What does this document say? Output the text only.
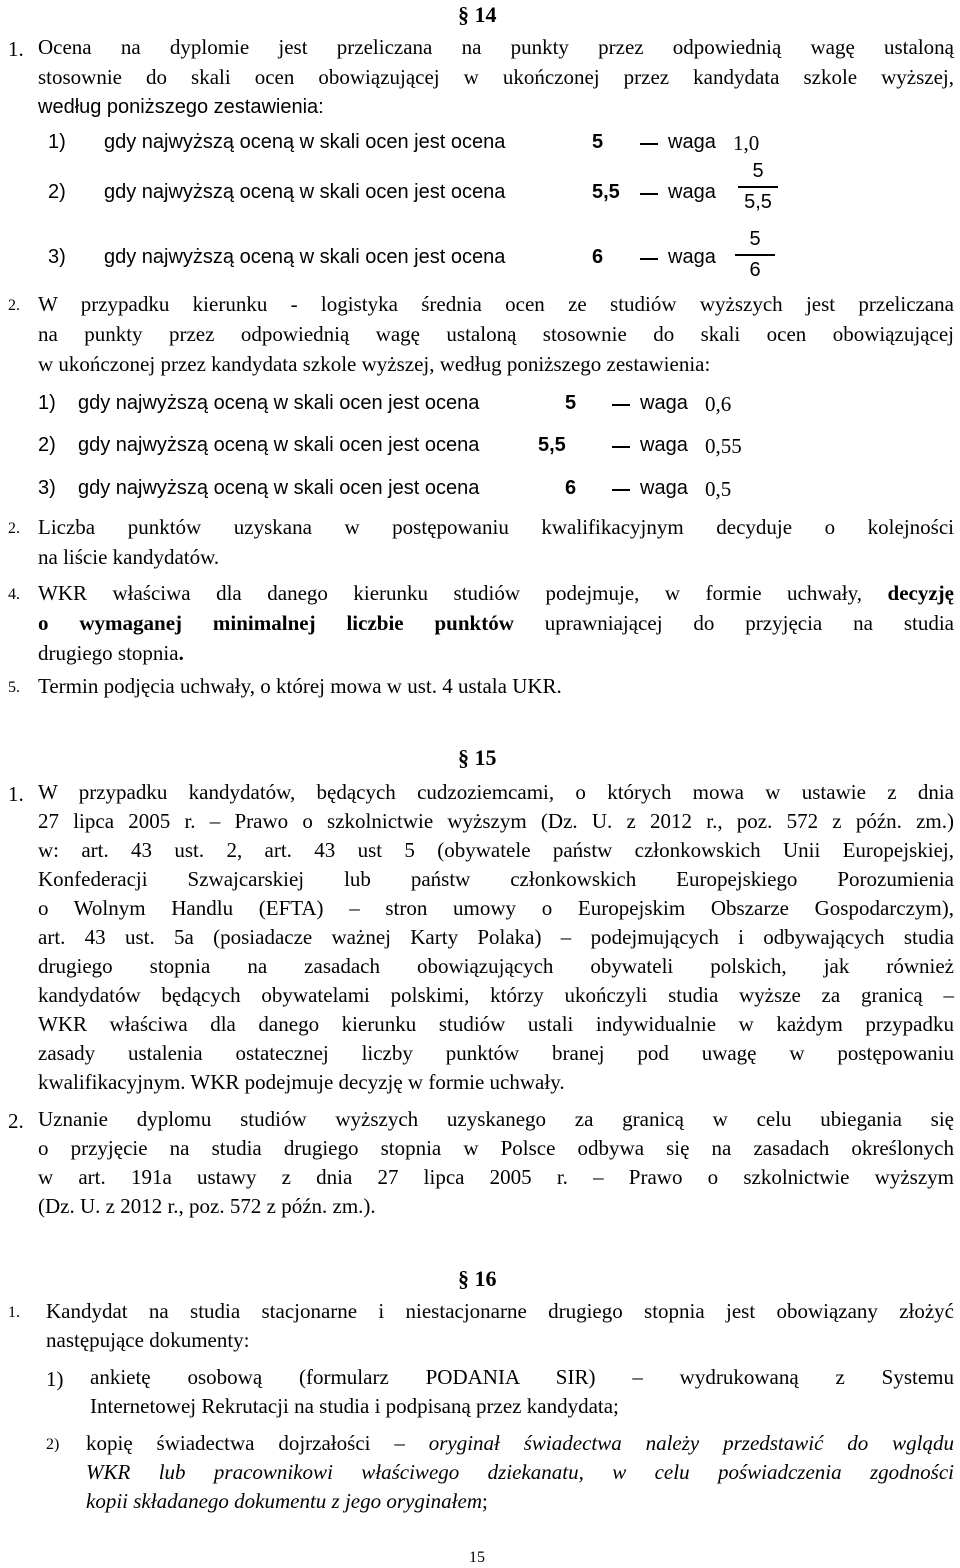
§ 14
1. Ocena na dyplomie jest przeliczana na punkty przez odpowiednią wagę ustaloną
stosownie do skali ocen obowiązującej w ukończonej przez kandydata szkole wyższej,
według poniższego zestawienia:
1) gdy najwyższą oceną w skali ocen jest ocena	5	waga 1,0
2) gdy najwyższą oceną w skali ocen jest ocena	5,5 waga
5
5,5
3) gdy najwyższą oceną w skali ocen jest ocena	6	waga
5
6
2. W przypadku kierunku - logistyka średnia ocen ze studiów wyższych jest przeliczana
na punkty przez odpowiednią wagę ustaloną stosownie do skali ocen obowiązującej
w ukończonej przez kandydata szkole wyższej, według poniższego zestawienia:
1) gdy najwyższą oceną w skali ocen jest ocena	5	waga 0,6
2) gdy najwyższą oceną w skali ocen jest ocena	5,5	waga 0,55
3) gdy najwyższą oceną w skali ocen jest ocena	6	waga 0,5
2. Liczba punktów uzyskana w postępowaniu kwalifikacyjnym decyduje o kolejności
na liście kandydatów.
4. WKR właściwa dla danego kierunku studiów podejmuje, w formie uchwały, decyzję
o wymaganej minimalnej liczbie punktów uprawniającej do przyjęcia na studia
drugiego stopnia.
5. Termin podjęcia uchwały, o której mowa w ust. 4 ustala UKR.
§ 15
1. W przypadku kandydatów, będących cudzoziemcami, o których mowa w ustawie z dnia
27 lipca 2005 r. – Prawo o szkolnictwie wyższym (Dz. U. z 2012 r., poz. 572 z późn. zm.)
w: art. 43 ust. 2, art. 43 ust 5 (obywatele państw członkowskich Unii Europejskiej,
Konfederacji Szwajcarskiej lub państw członkowskich Europejskiego Porozumienia
o Wolnym Handlu (EFTA) – stron umowy o Europejskim Obszarze Gospodarczym),
art. 43 ust. 5a (posiadacze ważnej Karty Polaka) – podejmujących i odbywających studia
drugiego stopnia na zasadach obowiązujących obywateli polskich, jak również
kandydatów będących obywatelami polskimi, którzy ukończyli studia wyższe za granicą –
WKR właściwa dla danego kierunku studiów ustali indywidualnie w każdym przypadku
zasady ustalenia ostatecznej liczby punktów branej pod uwagę w postępowaniu
kwalifikacyjnym. WKR podejmuje decyzję w formie uchwały.
2. Uznanie dyplomu studiów wyższych uzyskanego za granicą w celu ubiegania się
o przyjęcie na studia drugiego stopnia w Polsce odbywa się na zasadach określonych
w art. 191a ustawy z dnia 27 lipca 2005 r. – Prawo o szkolnictwie wyższym
(Dz. U. z 2012 r., poz. 572 z późn. zm.).
§ 16
1. Kandydat na studia stacjonarne i niestacjonarne drugiego stopnia jest obowiązany złożyć
następujące dokumenty:
1) ankietę osobową (formularz PODANIA SIR) – wydrukowaną z Systemu
Internetowej Rekrutacji na studia i podpisaną przez kandydata;
2) kopię świadectwa dojrzałości – oryginał świadectwa należy przedstawić do wglądu
WKR lub pracownikowi właściwego dziekanatu, w celu poświadczenia zgodności
kopii składanego dokumentu z jego oryginałem;
15
